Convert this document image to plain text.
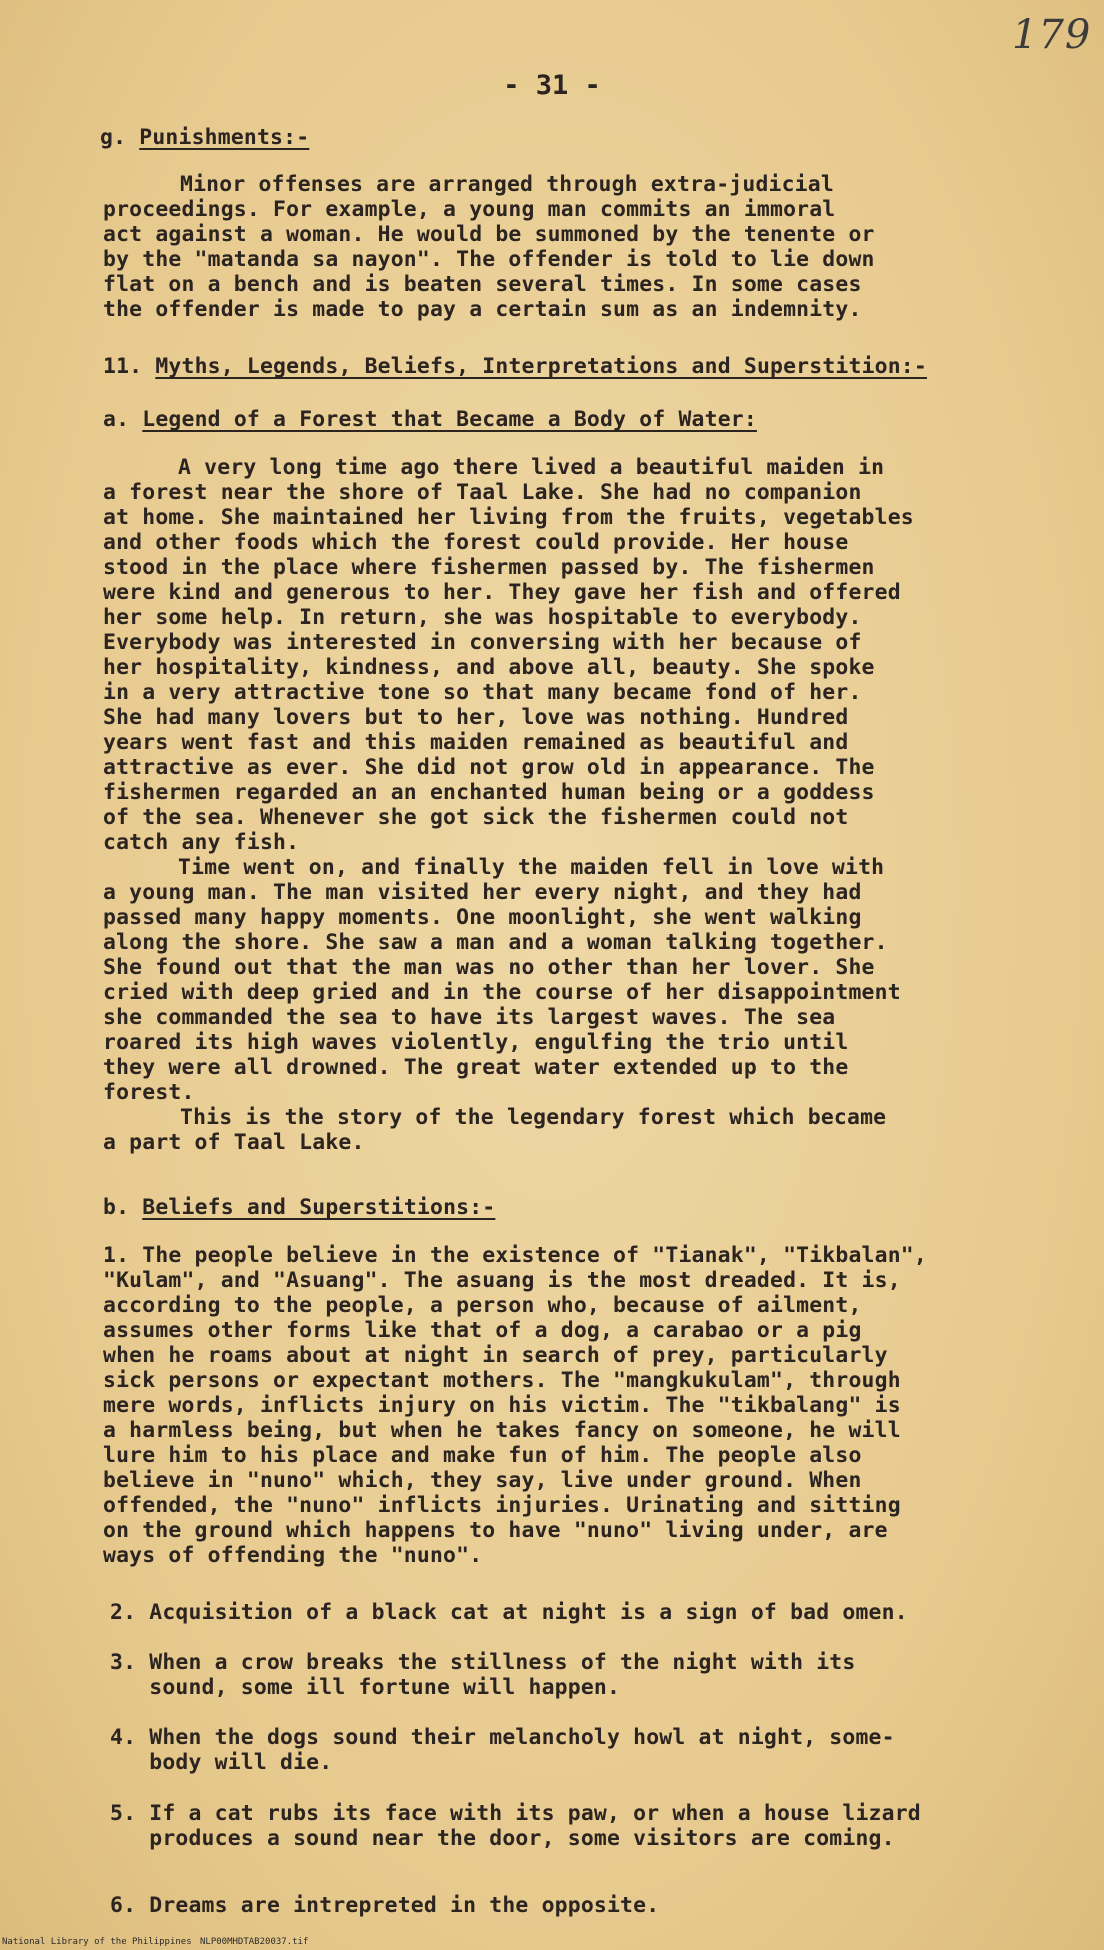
179
- 31 -
g. Punishments:-
Minor offenses are arranged through extra-judicial
proceedings. For example, a young man commits an immoral
act against a woman. He would be summoned by the tenente or
by the "matanda sa nayon". The offender is told to lie down
flat on a bench and is beaten several times. In some cases
the offender is made to pay a certain sum as an indemnity.
11. Myths, Legends, Beliefs, Interpretations and Superstition:-
a. Legend of a Forest that Became a Body of Water:
A very long time ago there lived a beautiful maiden in
a forest near the shore of Taal Lake. She had no companion
at home. She maintained her living from the fruits, vegetables
and other foods which the forest could provide. Her house
stood in the place where fishermen passed by. The fishermen
were kind and generous to her. They gave her fish and offered
her some help. In return, she was hospitable to everybody.
Everybody was interested in conversing with her because of
her hospitality, kindness, and above all, beauty. She spoke
in a very attractive tone so that many became fond of her.
She had many lovers but to her, love was nothing. Hundred
years went fast and this maiden remained as beautiful and
attractive as ever. She did not grow old in appearance. The
fishermen regarded an an enchanted human being or a goddess
of the sea. Whenever she got sick the fishermen could not
catch any fish.
Time went on, and finally the maiden fell in love with
a young man. The man visited her every night, and they had
passed many happy moments. One moonlight, she went walking
along the shore. She saw a man and a woman talking together.
She found out that the man was no other than her lover. She
cried with deep gried and in the course of her disappointment
she commanded the sea to have its largest waves. The sea
roared its high waves violently, engulfing the trio until
they were all drowned. The great water extended up to the
forest.
This is the story of the legendary forest which became
a part of Taal Lake.
b. Beliefs and Superstitions:-
1. The people believe in the existence of "Tianak", "Tikbalan",
"Kulam", and "Asuang". The asuang is the most dreaded. It is,
according to the people, a person who, because of ailment,
assumes other forms like that of a dog, a carabao or a pig
when he roams about at night in search of prey, particularly
sick persons or expectant mothers. The "mangkukulam", through
mere words, inflicts injury on his victim. The "tikbalang" is
a harmless being, but when he takes fancy on someone, he will
lure him to his place and make fun of him. The people also
believe in "nuno" which, they say, live under ground. When
offended, the "nuno" inflicts injuries. Urinating and sitting
on the ground which happens to have "nuno" living under, are
ways of offending the "nuno".
2. Acquisition of a black cat at night is a sign of bad omen.
3. When a crow breaks the stillness of the night with its
sound, some ill fortune will happen.
4. When the dogs sound their melancholy howl at night, some-
body will die.
5. If a cat rubs its face with its paw, or when a house lizard
produces a sound near the door, some visitors are coming.
6. Dreams are intrepreted in the opposite.
National Library of the Philippines NLP00MHDTAB20037.tif
